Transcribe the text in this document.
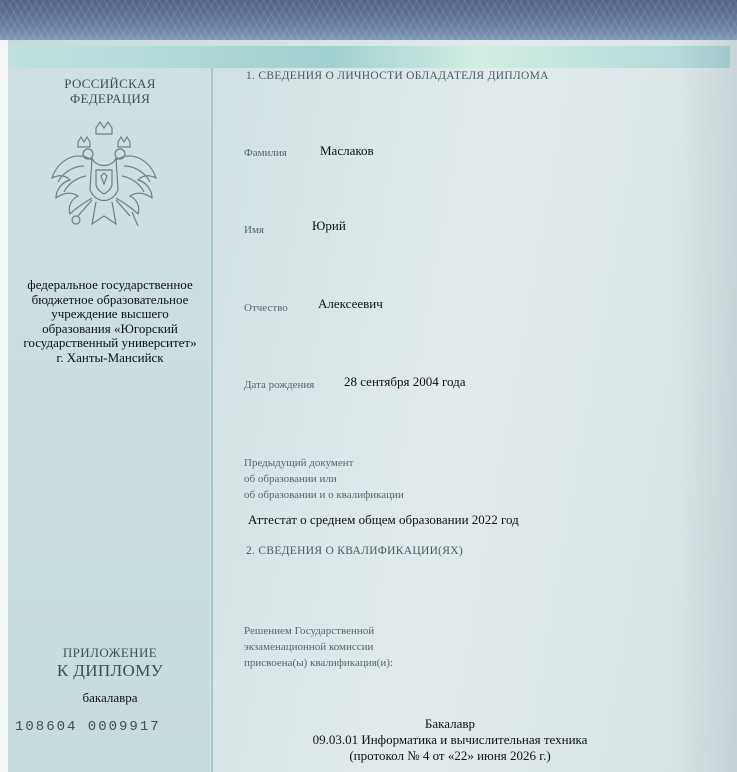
РОССИЙСКАЯ
ФЕДЕРАЦИЯ
федеральное государственное
бюджетное образовательное
учреждение высшего
образования «Югорский
государственный университет»
г. Ханты-Мансийск
ПРИЛОЖЕНИЕ
К ДИПЛОМУ
бакалавра
108604 0009917
1. СВЕДЕНИЯ О ЛИЧНОСТИ ОБЛАДАТЕЛЯ ДИПЛОМА
Фамилия	Маслаков
Имя	Юрий
Отчество Алексеевич
Дата рождения 28 сентября 2004 года
Предыдущий документ
об образовании или
об образовании и о квалификации
Аттестат о среднем общем образовании 2022 год
2. СВЕДЕНИЯ О КВАЛИФИКАЦИИ(ЯХ)
Решением Государственной
экзаменационной комиссии
присвоена(ы) квалификация(и):
Бакалавр
09.03.01 Информатика и вычислительная техника
(протокол № 4 от «22» июня 2026 г.)
